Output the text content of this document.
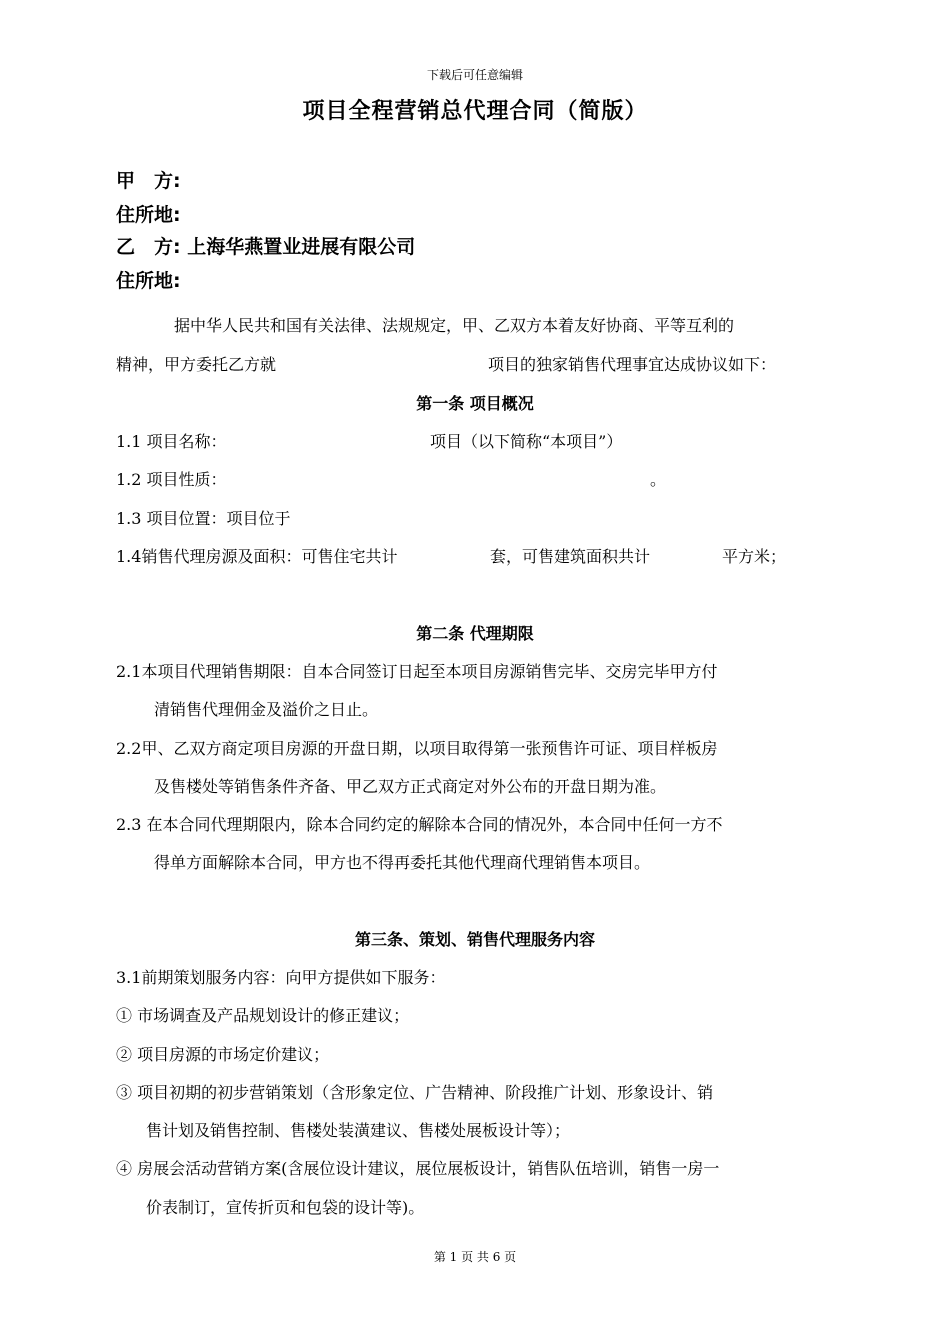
下载后可任意编辑
项目全程营销总代理合同（简版）
甲　方:
住所地:
乙　方: 上海华燕置业进展有限公司
住所地:
据中华人民共和国有关法律、法规规定，甲、乙双方本着友好协商、平等互利的
精神，甲方委托乙方就	项目的独家销售代理事宜达成协议如下：
第一条 项目概况
1.1 项目名称：	项目（以下简称“本项目”）
1.2 项目性质：	。
1.3 项目位置：项目位于
1.4销售代理房源及面积：可售住宅共计	套，可售建筑面积共计	平方米；
第二条 代理期限
2.1本项目代理销售期限：自本合同签订日起至本项目房源销售完毕、交房完毕甲方付
清销售代理佣金及溢价之日止。
2.2甲、乙双方商定项目房源的开盘日期，以项目取得第一张预售许可证、项目样板房
及售楼处等销售条件齐备、甲乙双方正式商定对外公布的开盘日期为准。
2.3 在本合同代理期限内，除本合同约定的解除本合同的情况外，本合同中任何一方不
得单方面解除本合同，甲方也不得再委托其他代理商代理销售本项目。
第三条、策划、销售代理服务内容
3.1前期策划服务内容：向甲方提供如下服务：
① 市场调查及产品规划设计的修正建议；
② 项目房源的市场定价建议；
③ 项目初期的初步营销策划（含形象定位、广告精神、阶段推广计划、形象设计、销
售计划及销售控制、售楼处装潢建议、售楼处展板设计等）；
④ 房展会活动营销方案(含展位设计建议，展位展板设计，销售队伍培训，销售一房一
价表制订，宣传折页和包袋的设计等)。
第 1 页 共 6 页
